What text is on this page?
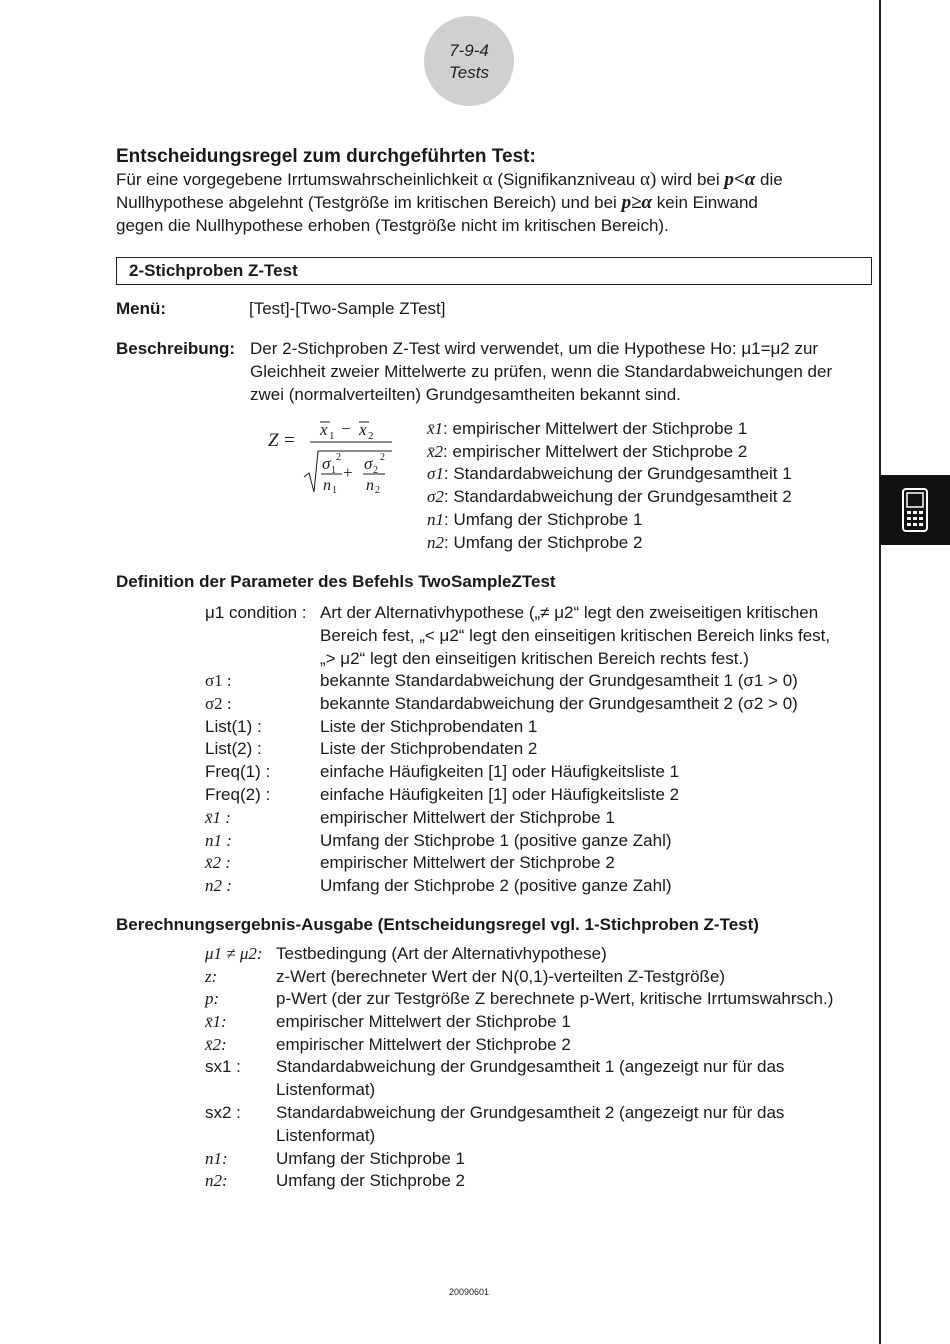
7-9-4
Tests
Entscheidungsregel zum durchgeführten Test:
Für eine vorgegebene Irrtumswahrscheinlichkeit α (Signifikanzniveau α) wird bei p<α die
Nullhypothese abgelehnt (Testgröße im kritischen Bereich) und bei p≥α kein Einwand
gegen die Nullhypothese erhoben (Testgröße nicht im kritischen Bereich).
2-Stichproben Z-Test
Menü:	[Test]-[Two-Sample ZTest]
Beschreibung: Der 2-Stichproben Z-Test wird verwendet, um die Hypothese Ho: μ1=μ2 zur
Gleichheit zweier Mittelwerte zu prüfen, wenn die Standardabweichungen der
zwei (normalverteilten) Grundgesamtheiten bekannt sind.
Z =
x 1 − x 2
σ 1
2
n 1
+ σ 2
2
n 2
x̄1: empirischer Mittelwert der Stichprobe 1
x̄2: empirischer Mittelwert der Stichprobe 2
σ1: Standardabweichung der Grundgesamtheit 1
σ2: Standardabweichung der Grundgesamtheit 2
n1: Umfang der Stichprobe 1
n2: Umfang der Stichprobe 2
Definition der Parameter des Befehls TwoSampleZTest
μ1 condition : Art der Alternativhypothese („≠ μ2“ legt den zweiseitigen kritischen
Bereich fest, „< μ2“ legt den einseitigen kritischen Bereich links fest,
„> μ2“ legt den einseitigen kritischen Bereich rechts fest.)
σ1 :	bekannte Standardabweichung der Grundgesamtheit 1 (σ1 > 0)
σ2 :	bekannte Standardabweichung der Grundgesamtheit 2 (σ2 > 0)
List(1) :	Liste der Stichprobendaten 1
List(2) :	Liste der Stichprobendaten 2
Freq(1) :	einfache Häufigkeiten [1] oder Häufigkeitsliste 1
Freq(2) :	einfache Häufigkeiten [1] oder Häufigkeitsliste 2
x̄1 :	empirischer Mittelwert der Stichprobe 1
n1 :	Umfang der Stichprobe 1 (positive ganze Zahl)
x̄2 :	empirischer Mittelwert der Stichprobe 2
n2 :	Umfang der Stichprobe 2 (positive ganze Zahl)
Berechnungsergebnis-Ausgabe (Entscheidungsregel vgl. 1-Stichproben Z-Test)
μ1 ≠ μ2: Testbedingung (Art der Alternativhypothese)
z:	z-Wert (berechneter Wert der N(0,1)-verteilten Z-Testgröße)
p:	p-Wert (der zur Testgröße Z berechnete p-Wert, kritische Irrtumswahrsch.)
x̄1:	empirischer Mittelwert der Stichprobe 1
x̄2:	empirischer Mittelwert der Stichprobe 2
sx1 : Standardabweichung der Grundgesamtheit 1 (angezeigt nur für das
Listenformat)
sx2 : Standardabweichung der Grundgesamtheit 2 (angezeigt nur für das
Listenformat)
n1:	Umfang der Stichprobe 1
n2:	Umfang der Stichprobe 2
20090601
